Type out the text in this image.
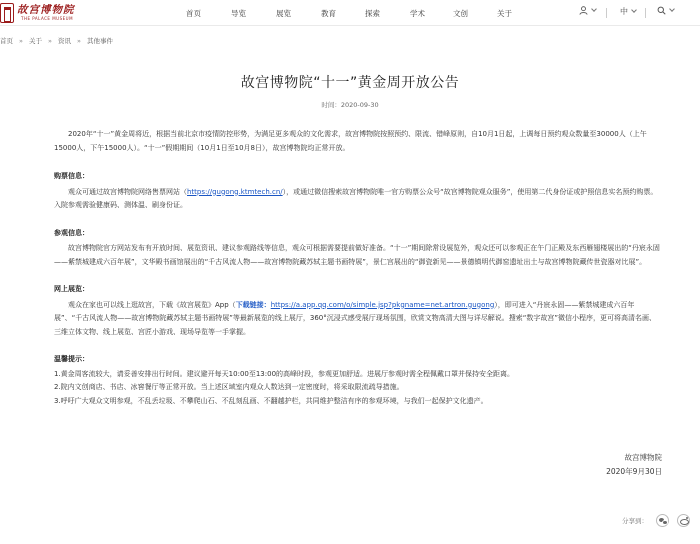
故宫博物院
THE PALACE MUSEUM
首页	导览	展览	教育	探索	学术	文创	关于	中
首页 » 关于 » 资讯 » 其他事件
故宫博物院“十一”黄金周开放公告
时间：2020-09-30
2020年“十一”黄金周将近，根据当前北京市疫情防控形势，为满足更多观众的文化需求，故宫博物院按照预约、限流、错峰原则，自10月1日起，上调每日预约观众数量至30000人（上午15000人，下午15000人）。“十一”假期期间（10月1日至10月8日），故宫博物院均正常开放。
购票信息：
观众可通过故宫博物院网络售票网站（https://gugong.ktmtech.cn/），或通过微信搜索故宫博物院唯一官方购票公众号“故宫博物院观众服务”，使用第二代身份证或护照信息实名预约购票。入院参观需验健康码、测体温、刷身份证。
参观信息：
故宫博物院官方网站发布有开放时间、展览资讯、建议参观路线等信息，观众可根据需要提前做好准备。“十一”期间除常设展览外，观众还可以参观正在午门正殿及东西雁翅楼展出的“丹宸永固——紫禁城建成六百年展”，文华殿书画馆展出的“千古风流人物——故宫博物院藏苏轼主题书画特展”，景仁宫展出的“御瓷新见——景德镇明代御窑遗址出土与故宫博物院藏传世瓷器对比展”。
网上展览：
观众在家也可以线上逛故宫，下载《故宫展览》App（下载链接：https://a.app.qq.com/o/simple.jsp?pkgname=net.artron.gugong），即可进入“丹宸永固——紫禁城建成六百年展”、“千古风流人物——故宫博物院藏苏轼主题书画特展”等最新展览的线上展厅，360°沉浸式感受展厅现场氛围，欣赏文物高清大图与详尽解说。搜索“数字故宫”微信小程序，更可将高清名画、三维立体文物、线上展览、宫匠小游戏、现场导览等一手掌握。
温馨提示：
1.黄金周客流较大，请妥善安排出行时间。建议避开每天10:00至13:00的高峰时段，参观更加舒适。进展厅参观时需全程佩戴口罩并保持安全距离。
2.院内文创商店、书店、冰窖餐厅等正常开放。当上述区域室内观众人数达到一定密度时，将采取限流疏导措施。
3.呼吁广大观众文明参观，不乱丢垃圾、不攀爬山石、不乱刻乱画、不翻越护栏，共同维护整洁有序的参观环境，与我们一起保护文化遗产。
故宫博物院
2020年9月30日
分享到：
